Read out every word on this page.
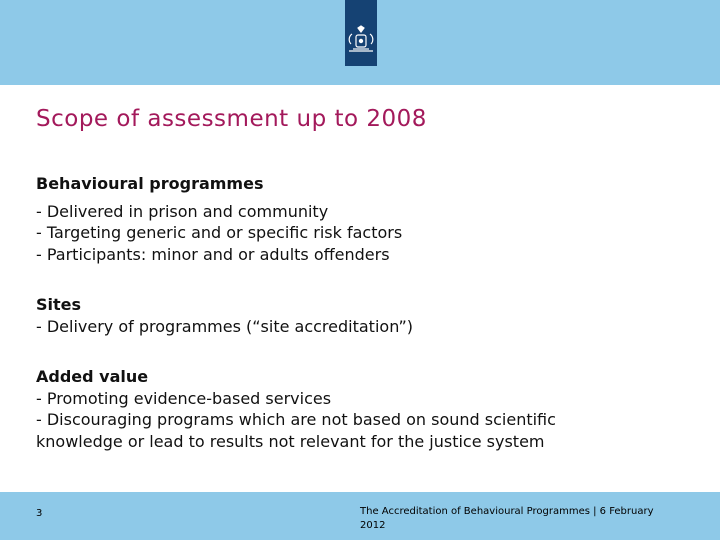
Scope of assessment up to 2008
Behavioural programmes
- Delivered in prison and community
- Targeting generic and or specific risk factors
- Participants: minor and or adults offenders
Sites
- Delivery of programmes (“site accreditation”)
Added value
- Promoting evidence-based services
- Discouraging programs which are not based on sound scientific
knowledge or lead to results not relevant for the justice system
3	The Accreditation of Behavioural Programmes | 6 February 2012
